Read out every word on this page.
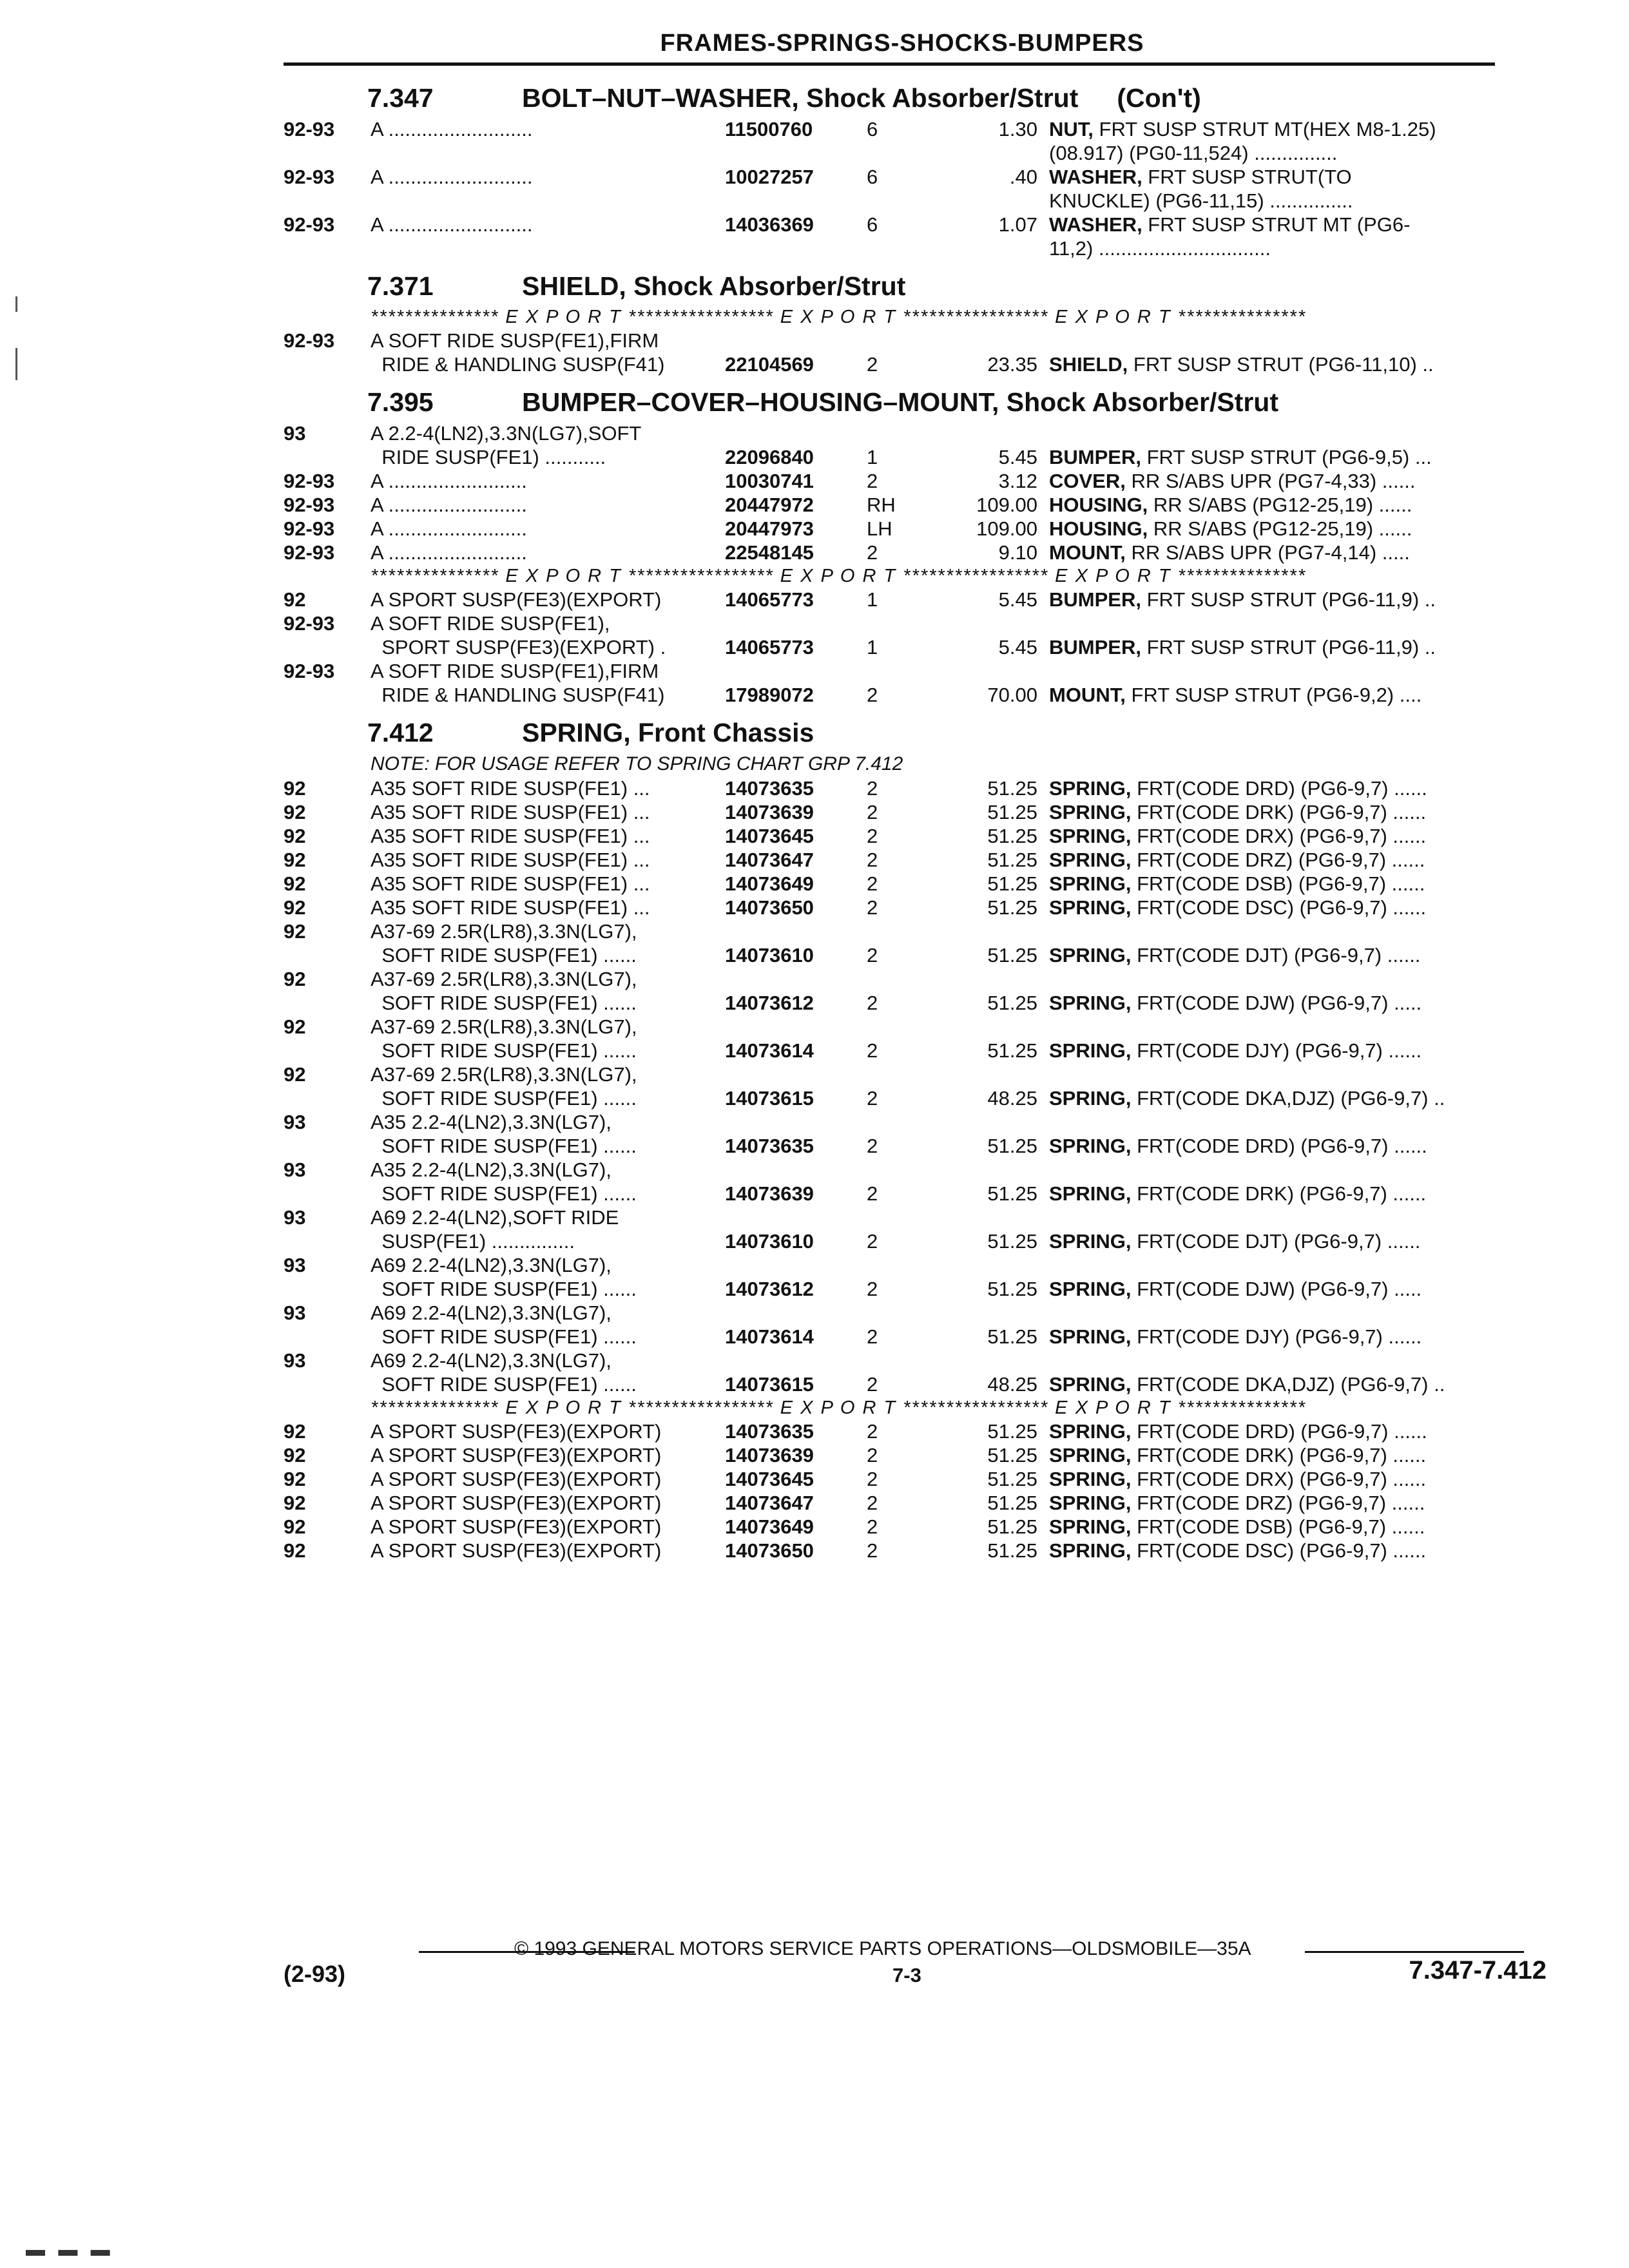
FRAMES-SPRINGS-SHOCKS-BUMPERS
7.347	BOLT–NUT–WASHER, Shock Absorber/Strut (Con't)
92-93 A ..........................	11500760	6	1.30 NUT, FRT SUSP STRUT MT(HEX M8-1.25)
(08.917) (PG0-11,524) ...............
92-93 A ..........................	10027257	6	.40 WASHER, FRT SUSP STRUT(TO
KNUCKLE) (PG6-11,15) ...............
92-93 A ..........................	14036369	6	1.07 WASHER, FRT SUSP STRUT MT (PG6-
11,2) ...............................
7.371	SHIELD, Shock Absorber/Strut
*************** E X P O R T ***************** E X P O R T ***************** E X P O R T ***************
92-93 A SOFT RIDE SUSP(FE1),FIRM
RIDE & HANDLING SUSP(F41)	22104569	2	23.35 SHIELD, FRT SUSP STRUT (PG6-11,10) ..
7.395	BUMPER–COVER–HOUSING–MOUNT, Shock Absorber/Strut
93	A 2.2-4(LN2),3.3N(LG7),SOFT
RIDE SUSP(FE1) ...........	22096840	1	5.45 BUMPER, FRT SUSP STRUT (PG6-9,5) ...
92-93 A .........................	10030741	2	3.12 COVER, RR S/ABS UPR (PG7-4,33) ......
92-93 A .........................	20447972	RH	109.00 HOUSING, RR S/ABS (PG12-25,19) ......
92-93 A .........................	20447973	LH	109.00 HOUSING, RR S/ABS (PG12-25,19) ......
92-93 A .........................	22548145	2	9.10 MOUNT, RR S/ABS UPR (PG7-4,14) .....
*************** E X P O R T ***************** E X P O R T ***************** E X P O R T ***************
92	A SPORT SUSP(FE3)(EXPORT)	14065773	1	5.45 BUMPER, FRT SUSP STRUT (PG6-11,9) ..
92-93 A SOFT RIDE SUSP(FE1),
SPORT SUSP(FE3)(EXPORT) .	14065773	1	5.45 BUMPER, FRT SUSP STRUT (PG6-11,9) ..
92-93 A SOFT RIDE SUSP(FE1),FIRM
RIDE & HANDLING SUSP(F41)	17989072	2	70.00 MOUNT, FRT SUSP STRUT (PG6-9,2) ....
7.412	SPRING, Front Chassis
NOTE: FOR USAGE REFER TO SPRING CHART GRP 7.412
92	A35 SOFT RIDE SUSP(FE1) ...	14073635	2	51.25 SPRING, FRT(CODE DRD) (PG6-9,7) ......
92	A35 SOFT RIDE SUSP(FE1) ...	14073639	2	51.25 SPRING, FRT(CODE DRK) (PG6-9,7) ......
92	A35 SOFT RIDE SUSP(FE1) ...	14073645	2	51.25 SPRING, FRT(CODE DRX) (PG6-9,7) ......
92	A35 SOFT RIDE SUSP(FE1) ...	14073647	2	51.25 SPRING, FRT(CODE DRZ) (PG6-9,7) ......
92	A35 SOFT RIDE SUSP(FE1) ...	14073649	2	51.25 SPRING, FRT(CODE DSB) (PG6-9,7) ......
92	A35 SOFT RIDE SUSP(FE1) ...	14073650	2	51.25 SPRING, FRT(CODE DSC) (PG6-9,7) ......
92	A37-69 2.5R(LR8),3.3N(LG7),
SOFT RIDE SUSP(FE1) ......	14073610	2	51.25 SPRING, FRT(CODE DJT) (PG6-9,7) ......
92	A37-69 2.5R(LR8),3.3N(LG7),
SOFT RIDE SUSP(FE1) ......	14073612	2	51.25 SPRING, FRT(CODE DJW) (PG6-9,7) .....
92	A37-69 2.5R(LR8),3.3N(LG7),
SOFT RIDE SUSP(FE1) ......	14073614	2	51.25 SPRING, FRT(CODE DJY) (PG6-9,7) ......
92	A37-69 2.5R(LR8),3.3N(LG7),
SOFT RIDE SUSP(FE1) ......	14073615	2	48.25 SPRING, FRT(CODE DKA,DJZ) (PG6-9,7) ..
93	A35 2.2-4(LN2),3.3N(LG7),
SOFT RIDE SUSP(FE1) ......	14073635	2	51.25 SPRING, FRT(CODE DRD) (PG6-9,7) ......
93	A35 2.2-4(LN2),3.3N(LG7),
SOFT RIDE SUSP(FE1) ......	14073639	2	51.25 SPRING, FRT(CODE DRK) (PG6-9,7) ......
93	A69 2.2-4(LN2),SOFT RIDE
SUSP(FE1) ...............	14073610	2	51.25 SPRING, FRT(CODE DJT) (PG6-9,7) ......
93	A69 2.2-4(LN2),3.3N(LG7),
SOFT RIDE SUSP(FE1) ......	14073612	2	51.25 SPRING, FRT(CODE DJW) (PG6-9,7) .....
93	A69 2.2-4(LN2),3.3N(LG7),
SOFT RIDE SUSP(FE1) ......	14073614	2	51.25 SPRING, FRT(CODE DJY) (PG6-9,7) ......
93	A69 2.2-4(LN2),3.3N(LG7),
SOFT RIDE SUSP(FE1) ......	14073615	2	48.25 SPRING, FRT(CODE DKA,DJZ) (PG6-9,7) ..
*************** E X P O R T ***************** E X P O R T ***************** E X P O R T ***************
92	A SPORT SUSP(FE3)(EXPORT)	14073635	2	51.25 SPRING, FRT(CODE DRD) (PG6-9,7) ......
92	A SPORT SUSP(FE3)(EXPORT)	14073639	2	51.25 SPRING, FRT(CODE DRK) (PG6-9,7) ......
92	A SPORT SUSP(FE3)(EXPORT)	14073645	2	51.25 SPRING, FRT(CODE DRX) (PG6-9,7) ......
92	A SPORT SUSP(FE3)(EXPORT)	14073647	2	51.25 SPRING, FRT(CODE DRZ) (PG6-9,7) ......
92	A SPORT SUSP(FE3)(EXPORT)	14073649	2	51.25 SPRING, FRT(CODE DSB) (PG6-9,7) ......
92	A SPORT SUSP(FE3)(EXPORT)	14073650	2	51.25 SPRING, FRT(CODE DSC) (PG6-9,7) ......
© 1993 GENERAL MOTORS SERVICE PARTS OPERATIONS—OLDSMOBILE—35A
(2-93)	7-3	7.347-7.412
▬ ▬ ▬
